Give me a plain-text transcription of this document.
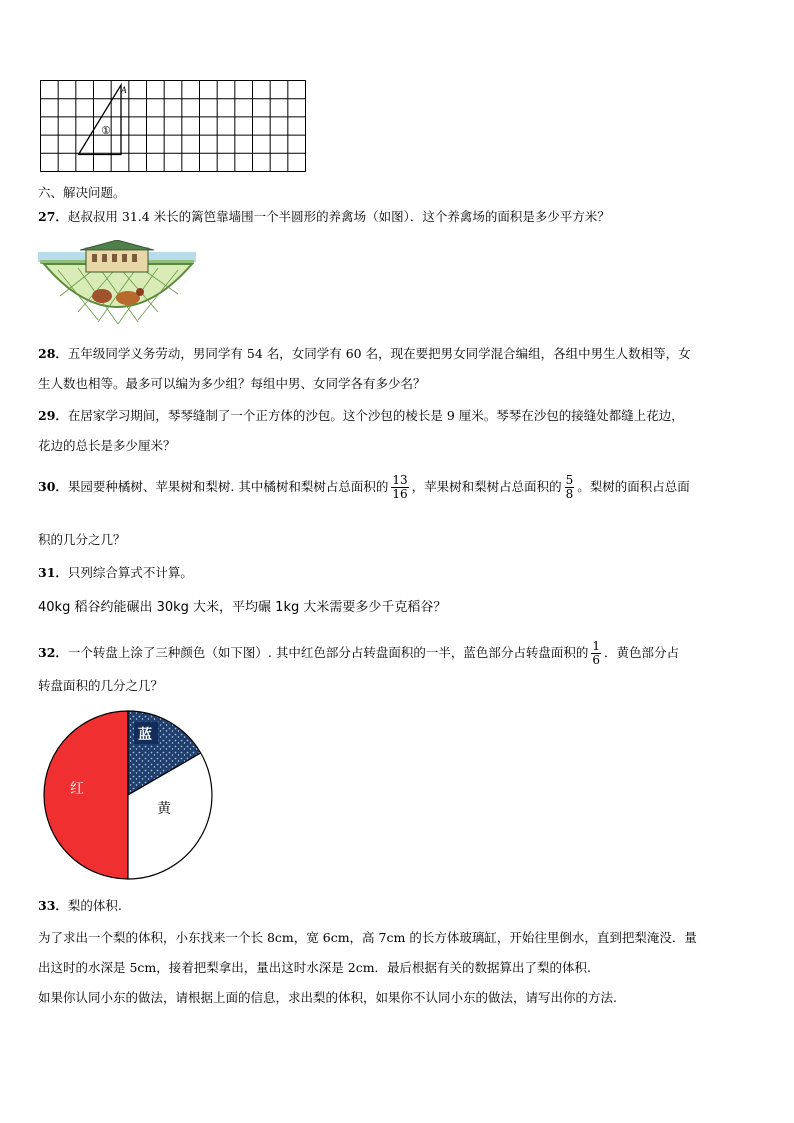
A
①
六、解决问题。
27．赵叔叔用 31.4 米长的篱笆靠墙围一个半圆形的养禽场（如图）．这个养禽场的面积是多少平方米？
28．五年级同学义务劳动，男同学有 54 名，女同学有 60 名，现在要把男女同学混合编组，各组中男生人数相等，女
生人数也相等。最多可以编为多少组？每组中男、女同学各有多少名？
29．在居家学习期间，琴琴缝制了一个正方体的沙包。这个沙包的棱长是 9 厘米。琴琴在沙包的接缝处都缝上花边，
花边的总长是多少厘米？
30．果园要种橘树、苹果树和梨树. 其中橘树和梨树占总面积的 $\frac{13}{16}$ ，苹果树和梨树占总面积的 $\frac{5}{8}$ 。梨树的面积占总面
积的几分之几？
31．只列综合算式不计算。
40kg 稻谷约能碾出 30kg 大米，平均碾 1kg 大米需要多少千克稻谷？
32．一个转盘上涂了三种颜色（如下图）. 其中红色部分占转盘面积的一半，蓝色部分占转盘面积的 $\frac{1}{6}$ ．黄色部分占
转盘面积的几分之几？
蓝
红
黄
33．梨的体积.
为了求出一个梨的体积，小东找来一个长 8cm，宽 6cm，高 7cm 的长方体玻璃缸，开始往里倒水，直到把梨淹没．量
出这时的水深是 5cm，接着把梨拿出，量出这时水深是 2cm．最后根据有关的数据算出了梨的体积.
如果你认同小东的做法，请根据上面的信息，求出梨的体积，如果你不认同小东的做法，请写出你的方法.
